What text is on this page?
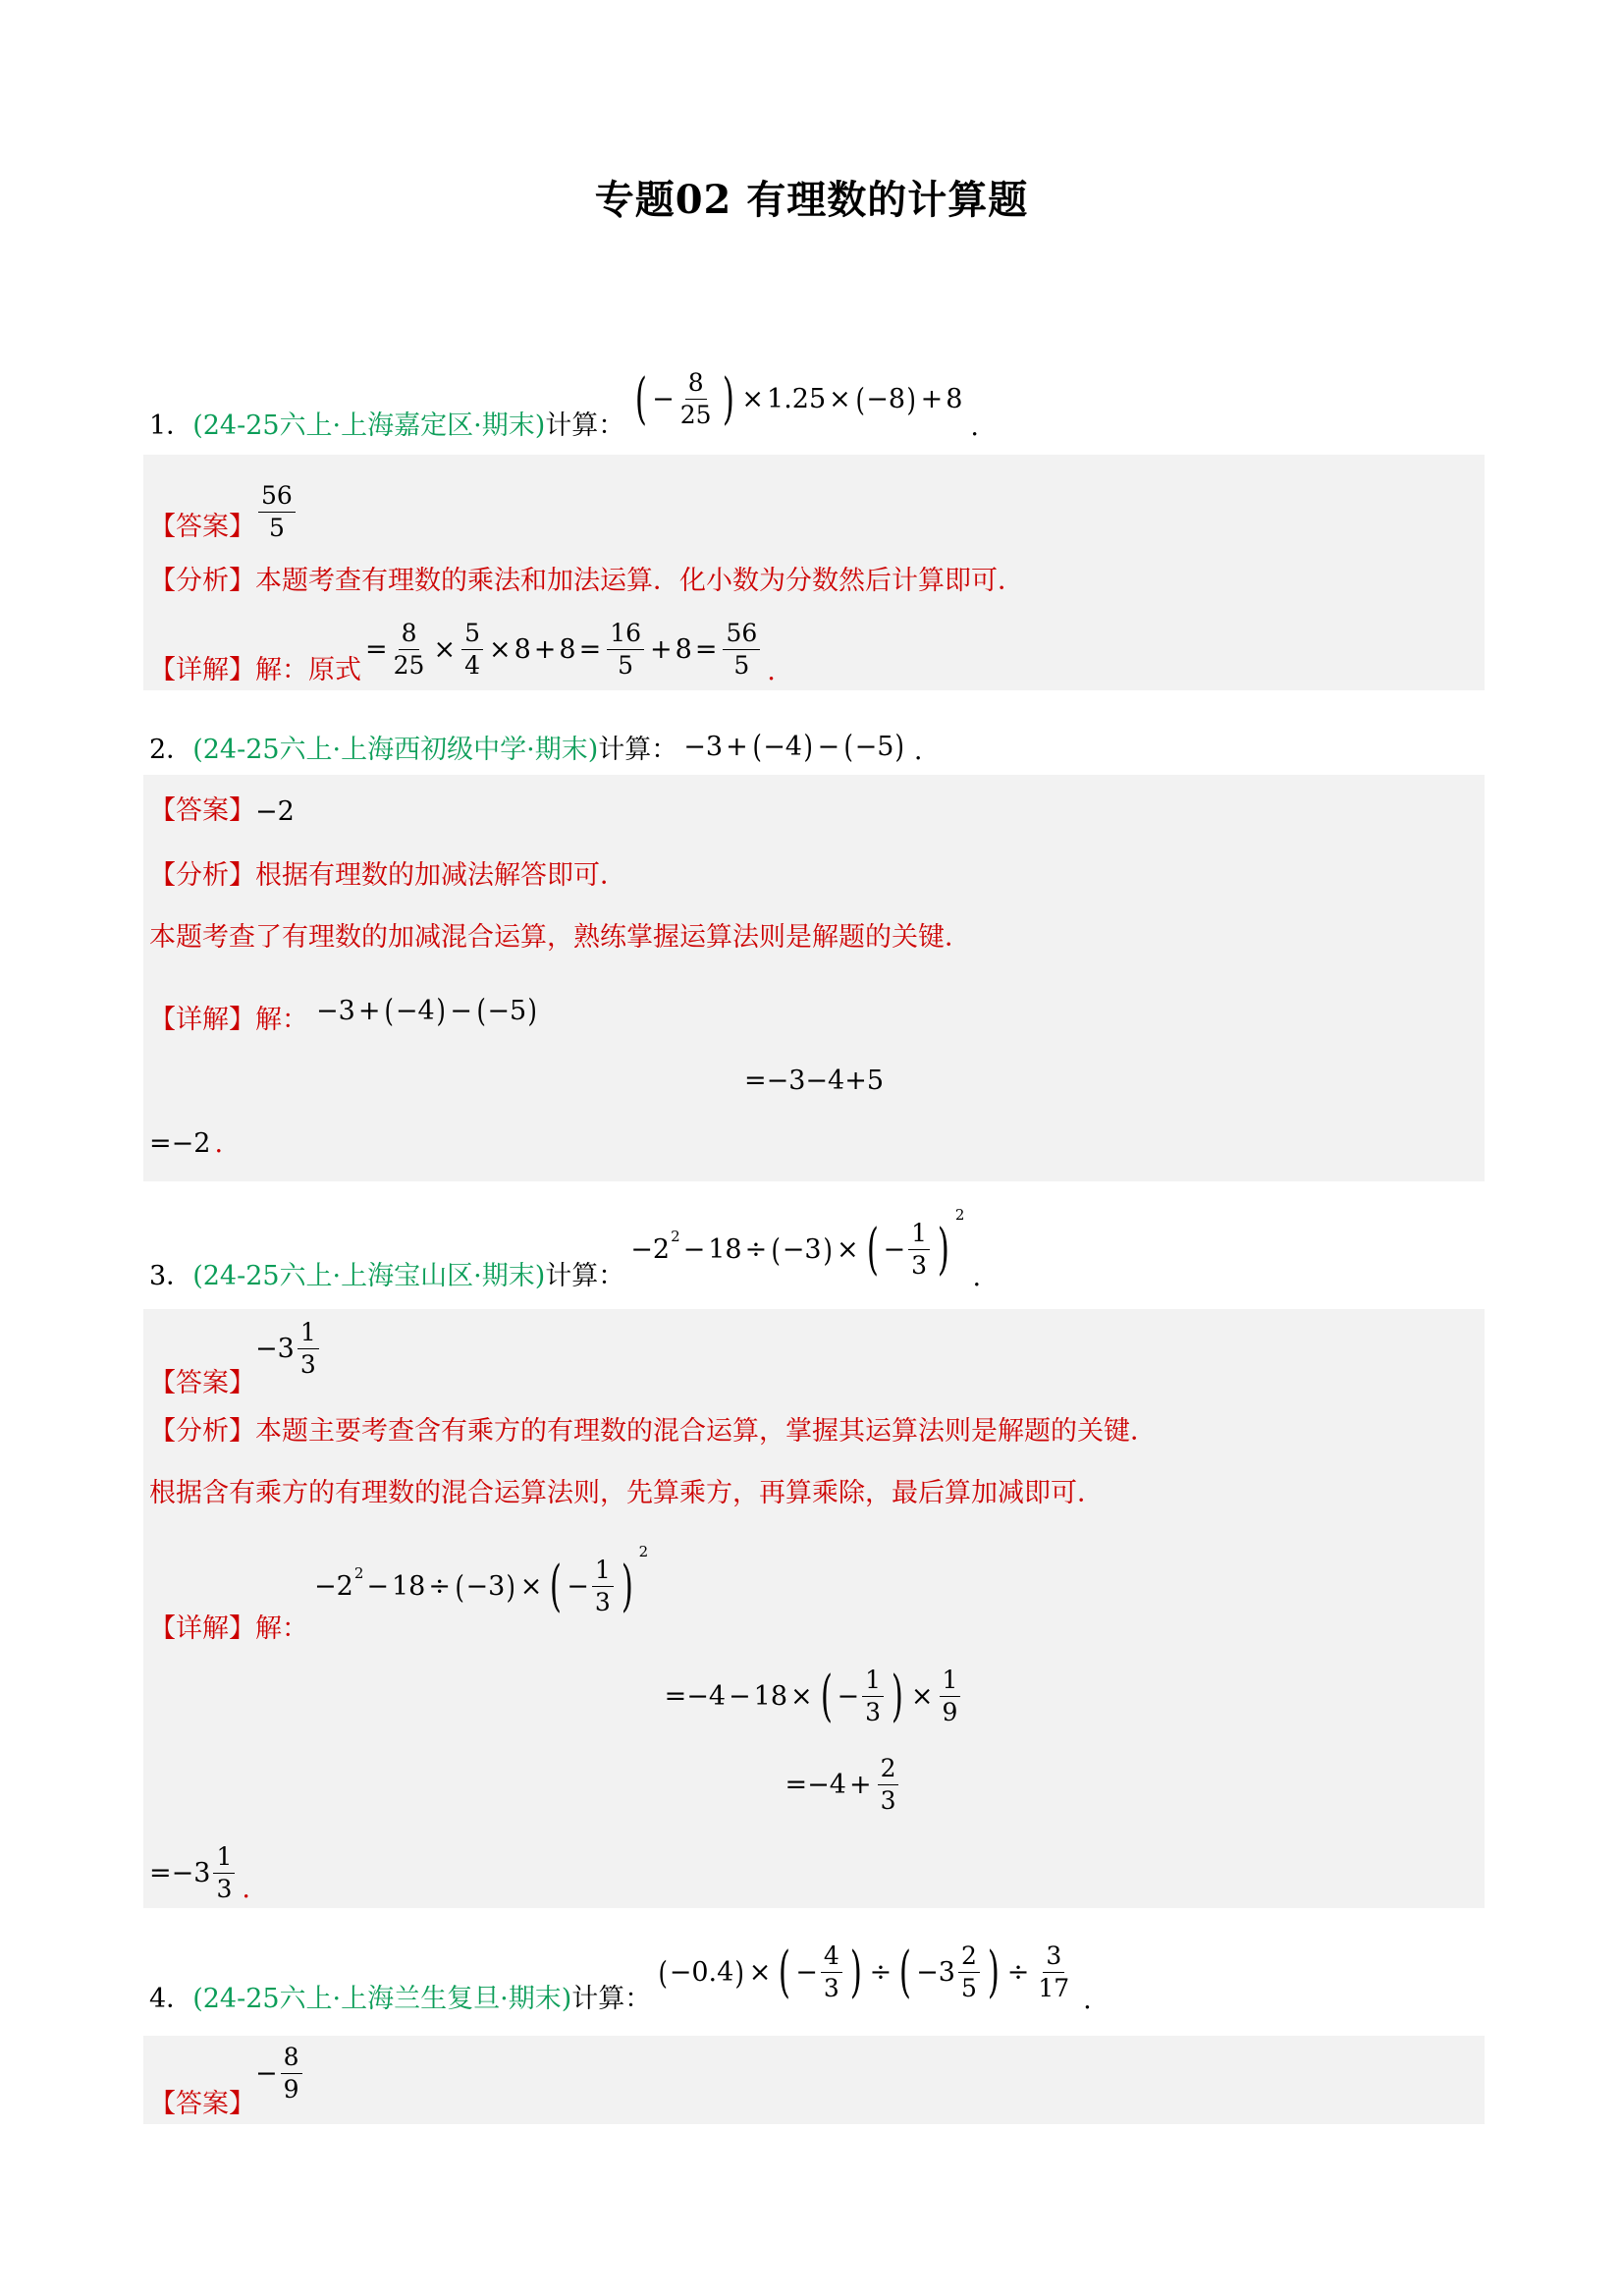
专题02 有理数的计算题
1．(24-25六上·上海嘉定区·期末)计算： ( − $\frac{8}{25}$ ) × 1.25 × ( −8 ) + 8
.
【答案】 $\frac{56}{5}$
【分析】 本题考查有理数的乘法和加法运算．化小数为分数然后计算即可．
【详解】 解：原式
= $\frac{8}{25} \times \frac{5}{4} \times 8 + 8 = \frac{16}{5} + 8 = \frac{56}{5}$ .
2．(24-25六上·上海西初级中学·期末)计算： −3 + ( −4 ) − ( −5 ) .
【答案】 −2
【分析】 根据有理数的加减法解答即可．
本题考查了有理数的加减混合运算，熟练掌握运算法则是解题的关键．
【详解】 解： −3 + ( −4 ) − ( −5 )
=−3−4+5
=−2 .
3．(24-25六上·上海宝山区·期末)计算：
−2 2 − 18 ÷ ( −3 ) × ( − $\frac{1}{3}$ )
2
.
【答案】
$-3 \frac{1}{3}$
【分析】 本题主要考查含有乘方的有理数的混合运算，掌握其运算法则是解题的关键．
根据含有乘方的有理数的混合运算法则，先算乘方，再算乘除，最后算加减即可．
【详解】 解：
−2 2 − 18 ÷ ( −3 ) × ( − $\frac{1}{3}$ )
2
=−4 − 18 × ( − $\frac{1}{3}$ ) × $\frac{1}{9}$
$=-4 + \frac{2}{3}$
$=-3 \frac{1}{3}$ .
4．(24-25六上·上海兰生复旦·期末)计算：
( −0.4 ) × ( − $\frac{4}{3}$ ) ÷ ( $-3 \frac{2}{5}$ ) ÷ $\frac{3}{17}$ .
【答案】
− $\frac{8}{9}$
